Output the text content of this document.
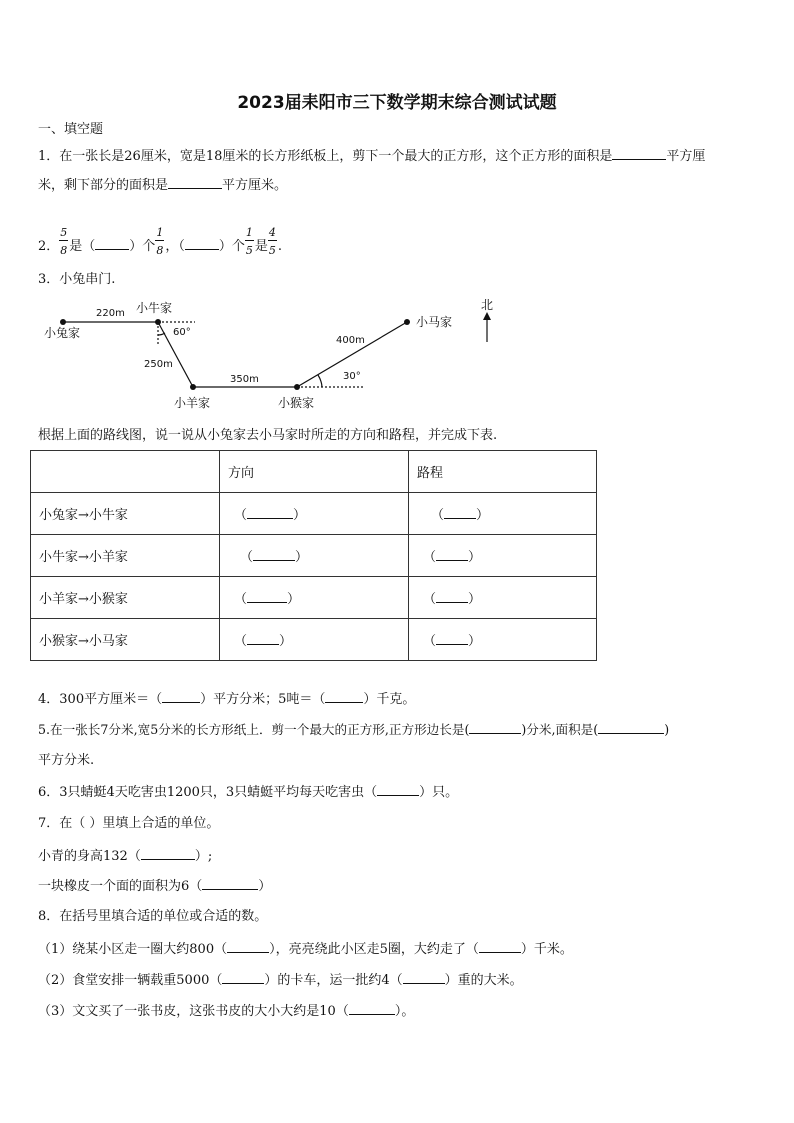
2023届耒阳市三下数学期末综合测试试题
一、填空题
1．在一张长是26厘米，宽是18厘米的长方形纸板上，剪下一个最大的正方形，这个正方形的面积是	平方厘
米，剩下部分的面积是	平方厘米。
2． $\frac{5}{8}$ 是（	）个 $\frac{1}{8}$ ，（	）个 $\frac{1}{5}$ 是 $\frac{4}{5}$ .
3．小兔串门.
小兔家
小牛家
小羊家	小猴家
小马家
北
220m
250m
350m
400m
60°
30°
根据上面的路线图，说一说从小兔家去小马家时所走的方向和路程，并完成下表.
	方向	路程
小兔家→小牛家	（ ）	（ ）
小牛家→小羊家	（ ）	（ ）
小羊家→小猴家	（ ）	（ ）
小猴家→小马家	（ ）	（ ）
4．300平方厘米＝（	）平方分米；5吨＝（	）千克。
5.在一张长7分米,宽5分米的长方形纸上．剪一个最大的正方形,正方形边长是(	)分米,面积是(	)
平方分米.
6．3只蜻蜓4天吃害虫1200只，3只蜻蜓平均每天吃害虫（	）只。
7．在（ ）里填上合适的单位。
小青的身高132（	）;
一块橡皮一个面的面积为6（	）
8．在括号里填合适的单位或合适的数。
（1）绕某小区走一圈大约800（	），亮亮绕此小区走5圈，大约走了（	）千米。
（2）食堂安排一辆载重5000（	）的卡车，运一批约4（	）重的大米。
（3）文文买了一张书皮，这张书皮的大小大约是10（	）。
